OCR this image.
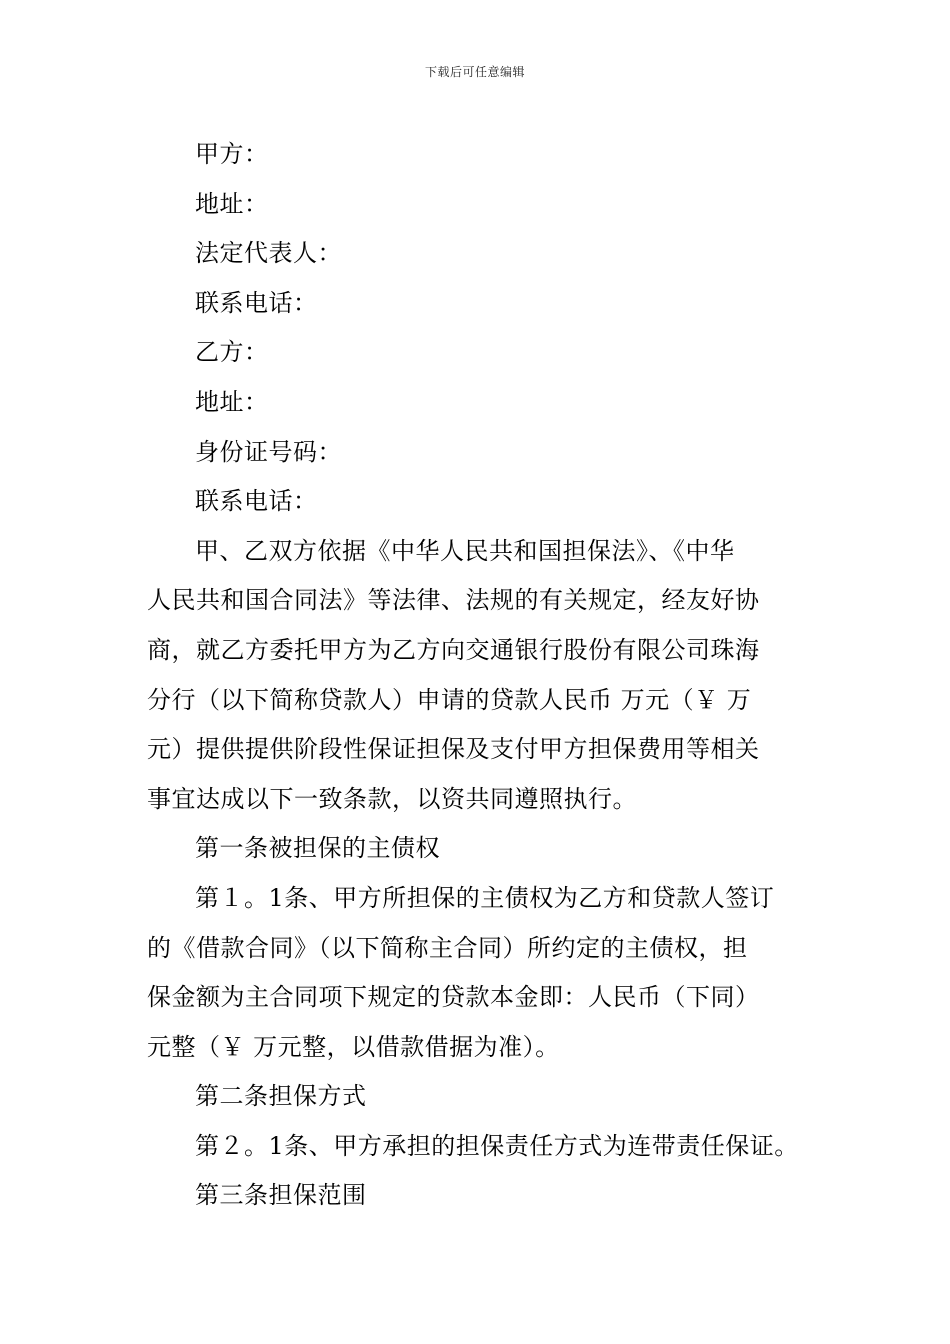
下载后可任意编辑
甲方：
地址：
法定代表人：
联系电话：
乙方：
地址：
身份证号码：
联系电话：
甲、乙双方依据《中华人民共和国担保法》、《中华
人民共和国合同法》等法律、法规的有关规定，经友好协
商，就乙方委托甲方为乙方向交通银行股份有限公司珠海
分行（以下简称贷款人）申请的贷款人民币 万元（￥ 万
元）提供提供阶段性保证担保及支付甲方担保费用等相关
事宜达成以下一致条款，以资共同遵照执行。
第一条被担保的主债权
第１。1条、甲方所担保的主债权为乙方和贷款人签订
的《借款合同》（以下简称主合同）所约定的主债权，担
保金额为主合同项下规定的贷款本金即：人民币（下同）
元整（￥ 万元整，以借款借据为准）。
第二条担保方式
第２。1条、甲方承担的担保责任方式为连带责任保证。
第三条担保范围
